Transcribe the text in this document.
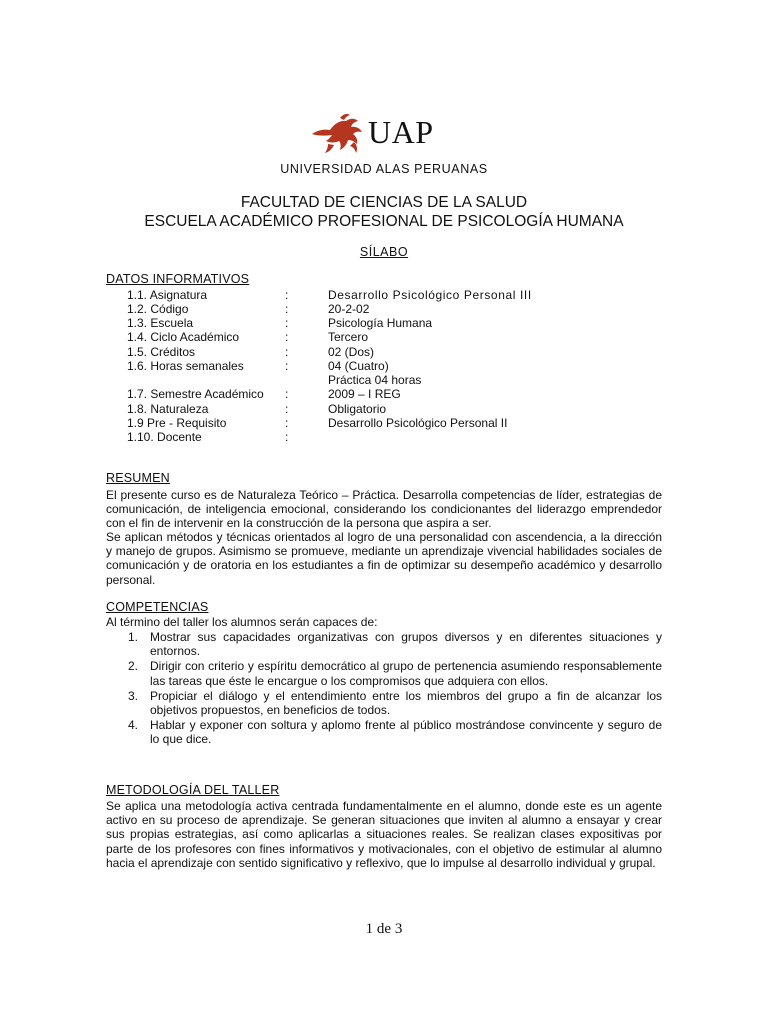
UAP
UNIVERSIDAD ALAS PERUANAS
FACULTAD DE CIENCIAS DE LA SALUD
ESCUELA ACADÉMICO PROFESIONAL DE PSICOLOGÍA HUMANA
SÍLABO
DATOS INFORMATIVOS
1.1. Asignatura	:	Desarrollo Psicológico Personal III
1.2. Código	:	20-2-02
1.3. Escuela	:	Psicología Humana
1.4. Ciclo Académico	:	Tercero
1.5. Créditos	:	02 (Dos)
1.6. Horas semanales	:	04 (Cuatro)
Práctica 04 horas
1.7. Semestre Académico :	2009 – I REG
1.8. Naturaleza	:	Obligatorio
1.9 Pre - Requisito	:	Desarrollo Psicológico Personal II
1.10. Docente	:
RESUMEN
El presente curso es de Naturaleza Teórico – Práctica. Desarrolla competencias de líder, estrategias de comunicación, de inteligencia emocional, considerando los condicionantes del liderazgo emprendedor con el fin de intervenir en la construcción de la persona que aspira a ser.
Se aplican métodos y técnicas orientados al logro de una personalidad con ascendencia, a la dirección y manejo de grupos. Asimismo se promueve, mediante un aprendizaje vivencial habilidades sociales de comunicación y de oratoria en los estudiantes a fin de optimizar su desempeño académico y desarrollo personal.
COMPETENCIAS
Al término del taller los alumnos serán capaces de:
1. Mostrar sus capacidades organizativas con grupos diversos y en diferentes situaciones y entornos.
2. Dirigir con criterio y espíritu democrático al grupo de pertenencia asumiendo responsablemente las tareas que éste le encargue o los compromisos que adquiera con ellos.
3. Propiciar el diálogo y el entendimiento entre los miembros del grupo a fin de alcanzar los objetivos propuestos, en beneficios de todos.
4. Hablar y exponer con soltura y aplomo frente al público mostrándose convincente y seguro de lo que dice.
METODOLOGÍA DEL TALLER
Se aplica una metodología activa centrada fundamentalmente en el alumno, donde este es un agente activo en su proceso de aprendizaje. Se generan situaciones que inviten al alumno a ensayar y crear sus propias estrategias, así como aplicarlas a situaciones reales. Se realizan clases expositivas por parte de los profesores con fines informativos y motivacionales, con el objetivo de estimular al alumno hacia el aprendizaje con sentido significativo y reflexivo, que lo impulse al desarrollo individual y grupal.
1 de 3
